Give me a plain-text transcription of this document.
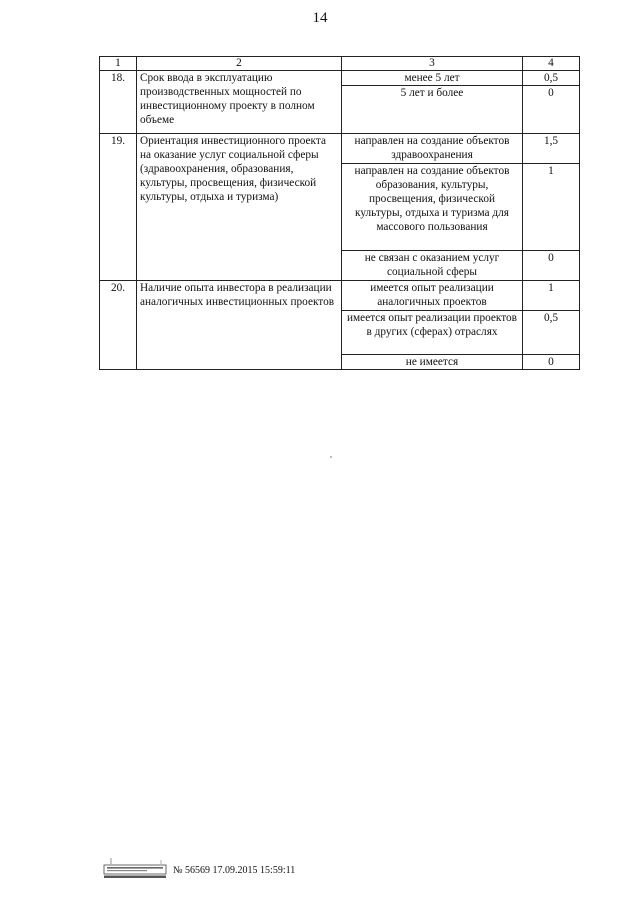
14
1	2	3	4
18.	Срок ввода в эксплуатацию производственных мощностей по инвестиционному проекту в полном объеме	менее 5 лет	0,5
		5 лет и более	0
19.	Ориентация инвестиционного проекта на оказание услуг социальной сферы (здравоохранения, образования, культуры, просвещения, физической культуры, отдыха и туризма)	направлен на создание объектов здравоохранения	1,5
		направлен на создание объектов образования, культуры, просвещения, физической культуры, отдыха и туризма для массового пользования	1
		не связан с оказанием услуг социальной сферы	0
20.	Наличие опыта инвестора в реализации аналогичных инвестиционных проектов	имеется опыт реализации аналогичных проектов	1
		имеется опыт реализации проектов в других (сферах) отраслях	0,5
		не имеется	0
№ 56569 17.09.2015 15:59:11
